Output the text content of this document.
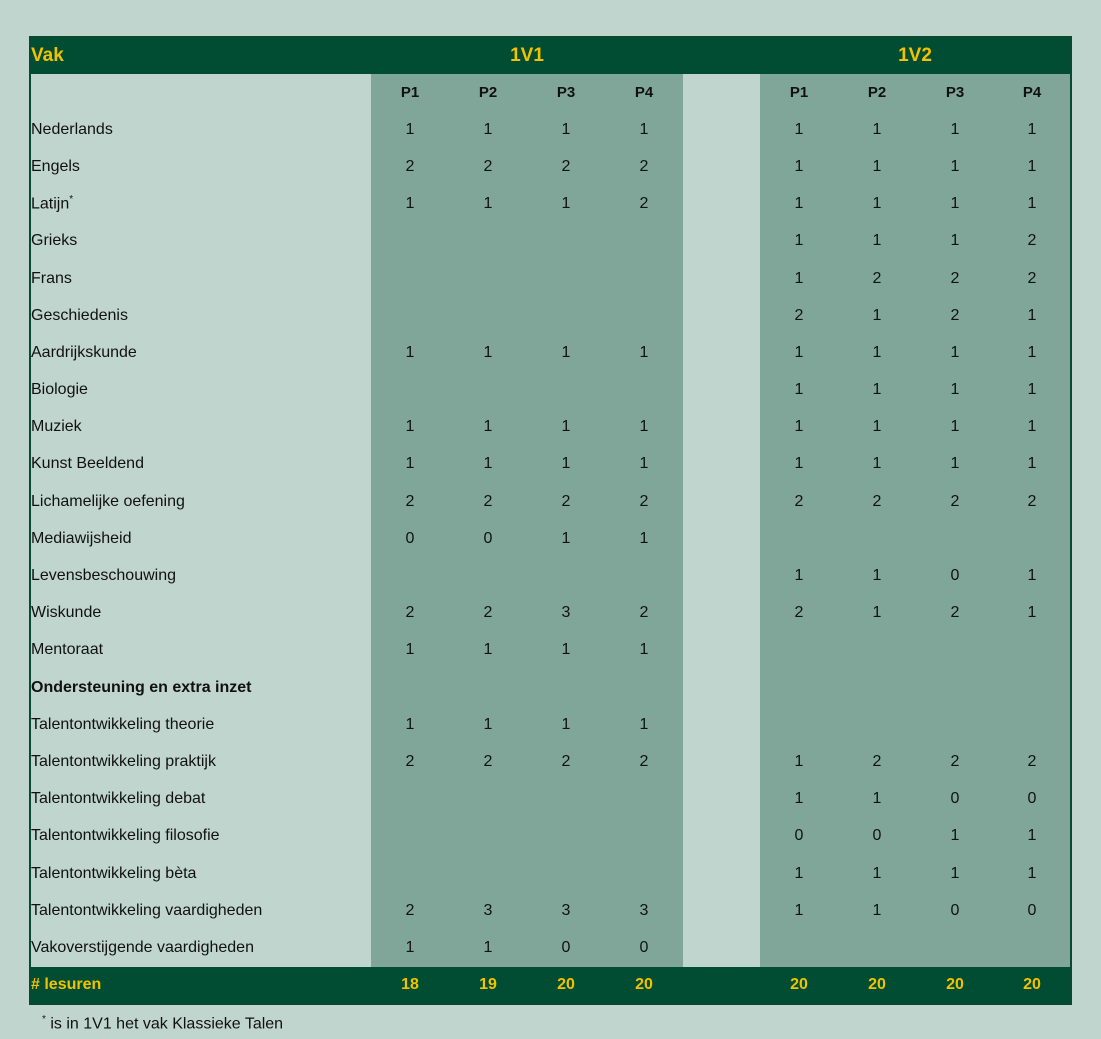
Vak	1V1					1V2			
	P1	P2	P3	P4		P1	P2	P3	P4
Nederlands	1	1	1	1		1	1	1	1
Engels	2	2	2	2		1	1	1	1
Latijn*	1	1	1	2		1	1	1	1
Grieks						1	1	1	2
Frans						1	2	2	2
Geschiedenis						2	1	2	1
Aardrijkskunde	1	1	1	1		1	1	1	1
Biologie						1	1	1	1
Muziek	1	1	1	1		1	1	1	1
Kunst Beeldend	1	1	1	1		1	1	1	1
Lichamelijke oefening	2	2	2	2		2	2	2	2
Mediawijsheid	0	0	1	1					
Levensbeschouwing						1	1	0	1
Wiskunde	2	2	3	2		2	1	2	1
Mentoraat	1	1	1	1					
Ondersteuning en extra inzet									
Talentontwikkeling theorie	1	1	1	1					
Talentontwikkeling praktijk	2	2	2	2		1	2	2	2
Talentontwikkeling debat						1	1	0	0
Talentontwikkeling filosofie						0	0	1	1
Talentontwikkeling bèta						1	1	1	1
Talentontwikkeling vaardigheden	2	3	3	3		1	1	0	0
Vakoverstijgende vaardigheden	1	1	0	0					
# lesuren	18	19	20	20		20	20	20	20
* is in 1V1 het vak Klassieke Talen
